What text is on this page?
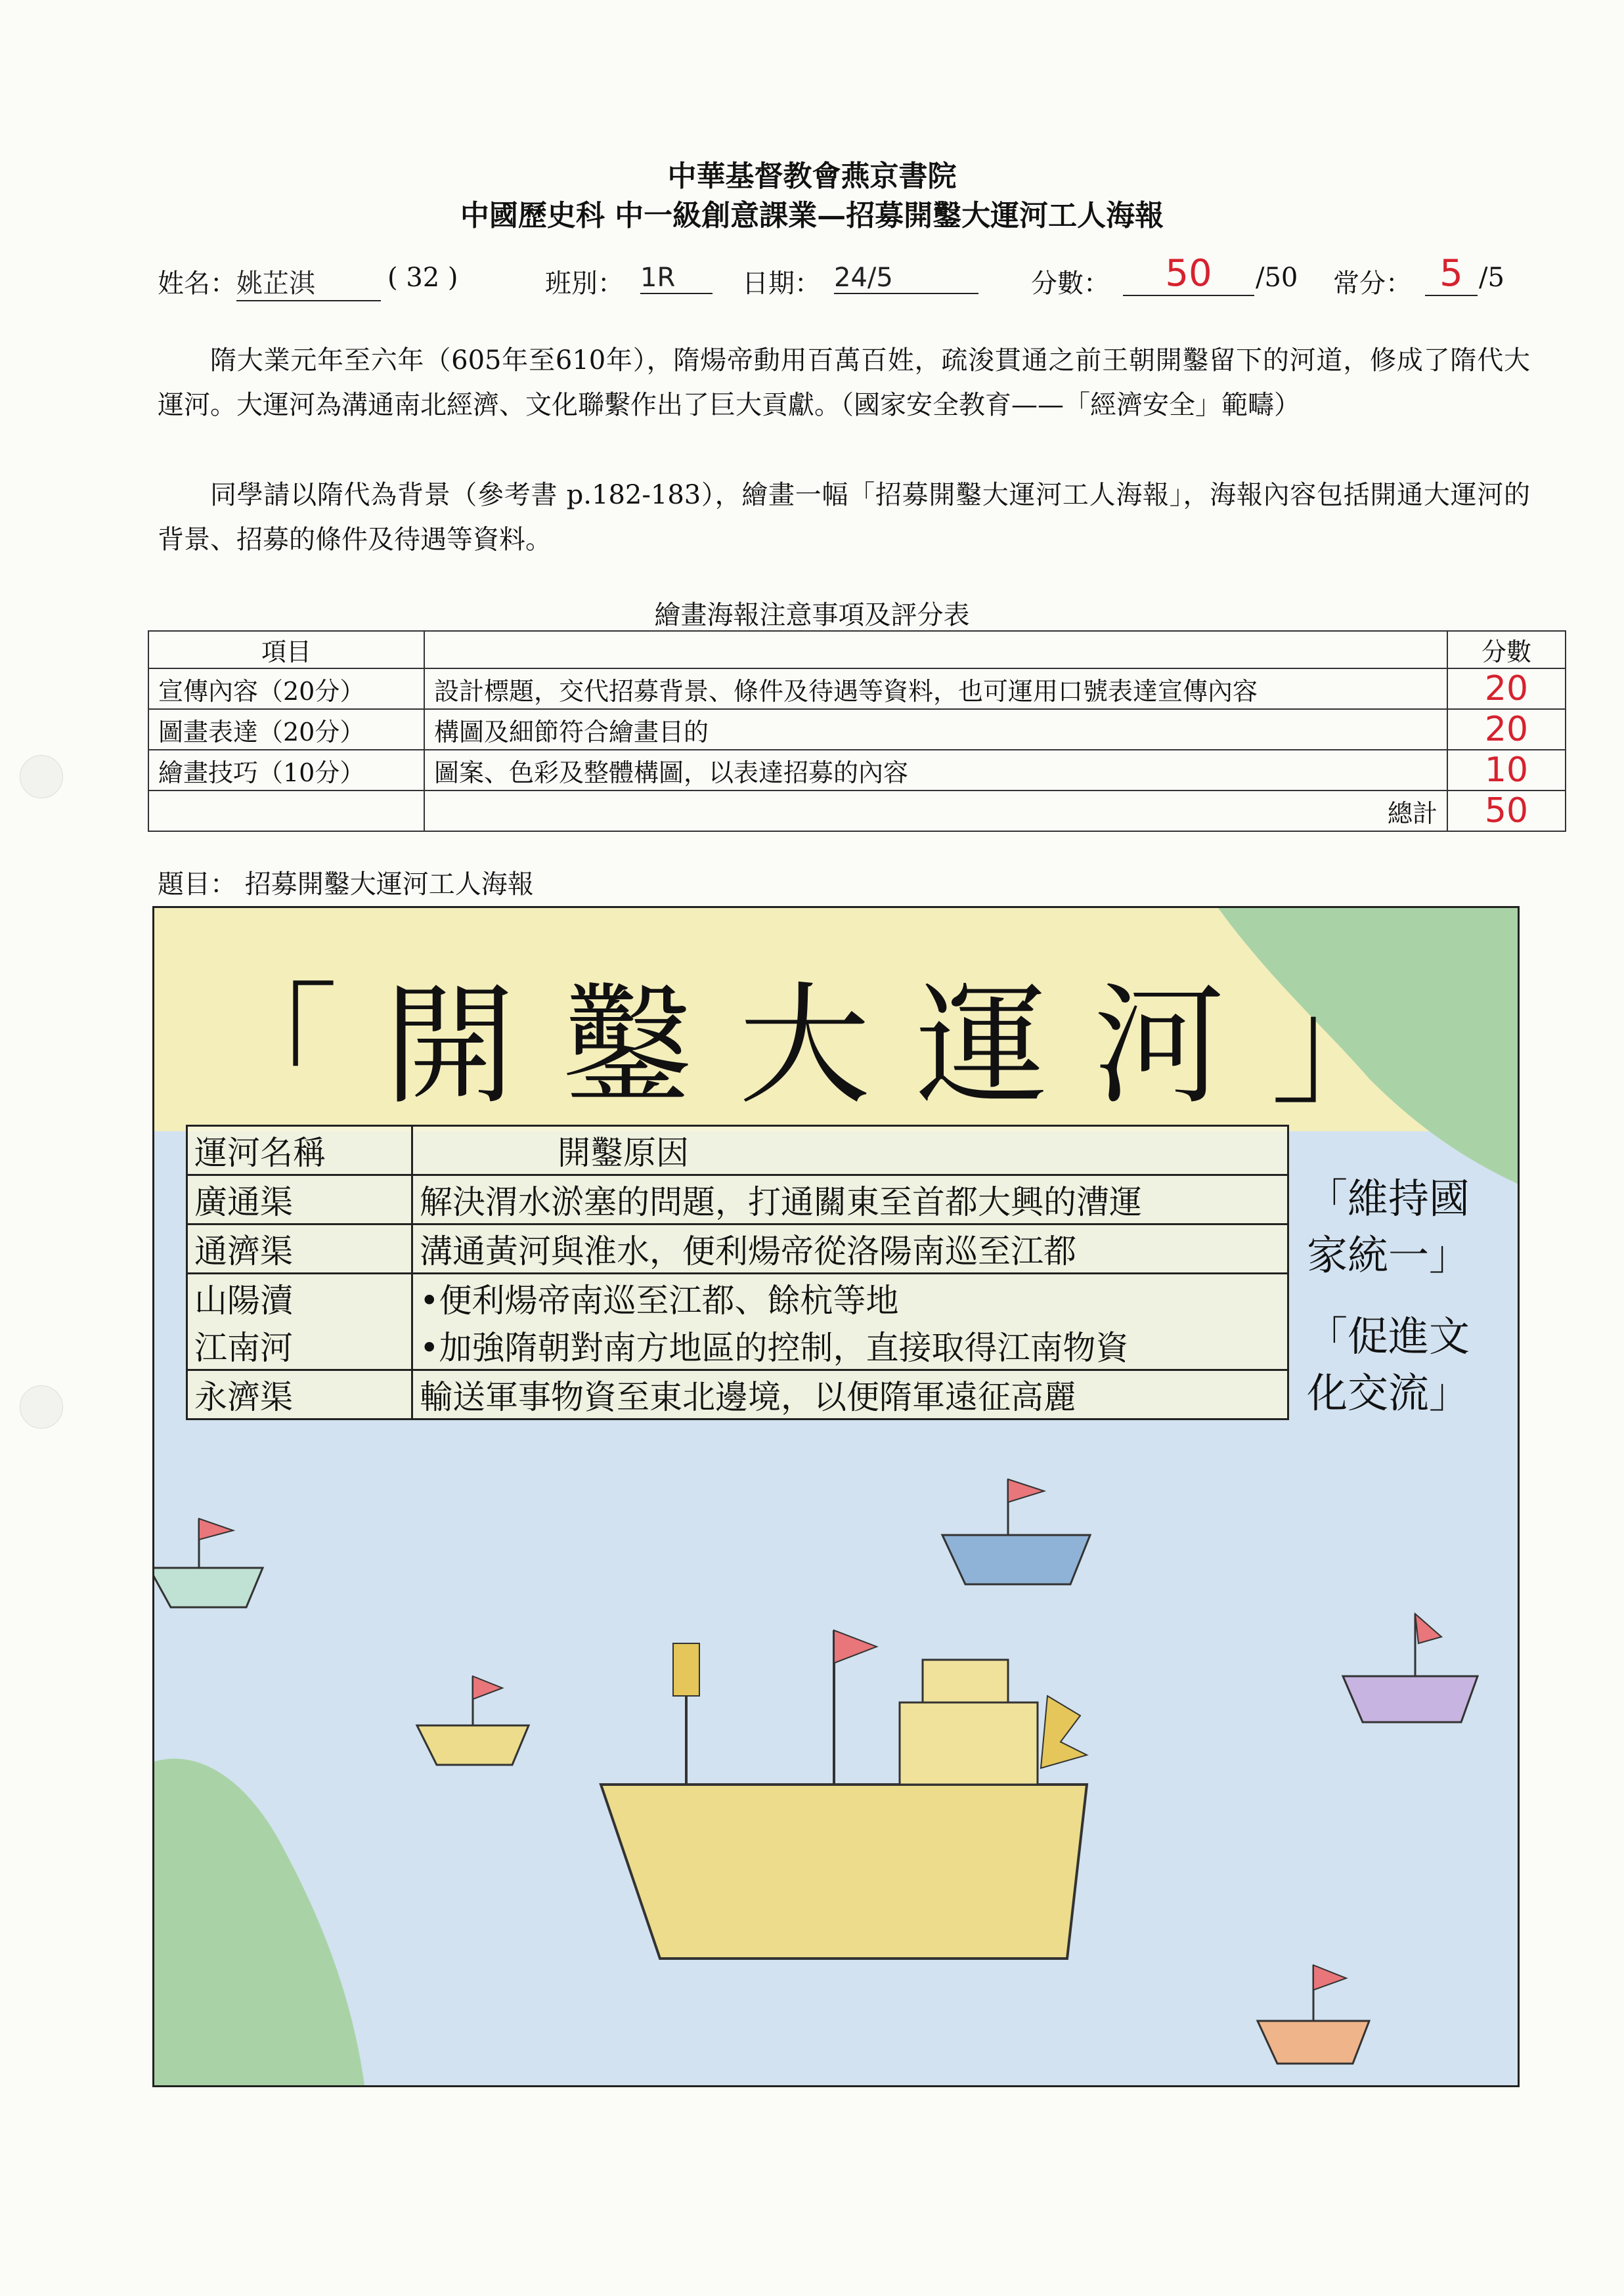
中華基督教會燕京書院
中國歷史科 中一級創意課業—招募開鑿大運河工人海報
姓名： 姚芷淇	( 32 )	班別： 1R	日期： 24/5	分數：	50	/50 常分： 5 /5
隋大業元年至六年（605年至610年），隋煬帝動用百萬百姓，疏浚貫通之前王朝開鑿留下的河道，修成了隋代大運河。大運河為溝通南北經濟、文化聯繫作出了巨大貢獻。（國家安全教育——「經濟安全」範疇）
同學請以隋代為背景（參考書 p.182-183），繪畫一幅「招募開鑿大運河工人海報」，海報內容包括開通大運河的背景、招募的條件及待遇等資料。
繪畫海報注意事項及評分表
項目		分數
宣傳內容（20分）	設計標題，交代招募背景、條件及待遇等資料，也可運用口號表達宣傳內容	20
圖畫表達（20分）	構圖及細節符合繪畫目的	20
繪畫技巧（10分）	圖案、色彩及整體構圖，以表達招募的內容	10
	總計	50
題目： 招募開鑿大運河工人海報
「開鑿大運河」
運河名稱	開鑿原因
廣通渠	解決渭水淤塞的問題，打通關東至首都大興的漕運
通濟渠	溝通黃河與淮水，便利煬帝從洛陽南巡至江都
山陽瀆	•便利煬帝南巡至江都、餘杭等地
江南河	•加強隋朝對南方地區的控制，直接取得江南物資
永濟渠	輸送軍事物資至東北邊境，以便隋軍遠征高麗
「維持國家統一」
「促進文化交流」
